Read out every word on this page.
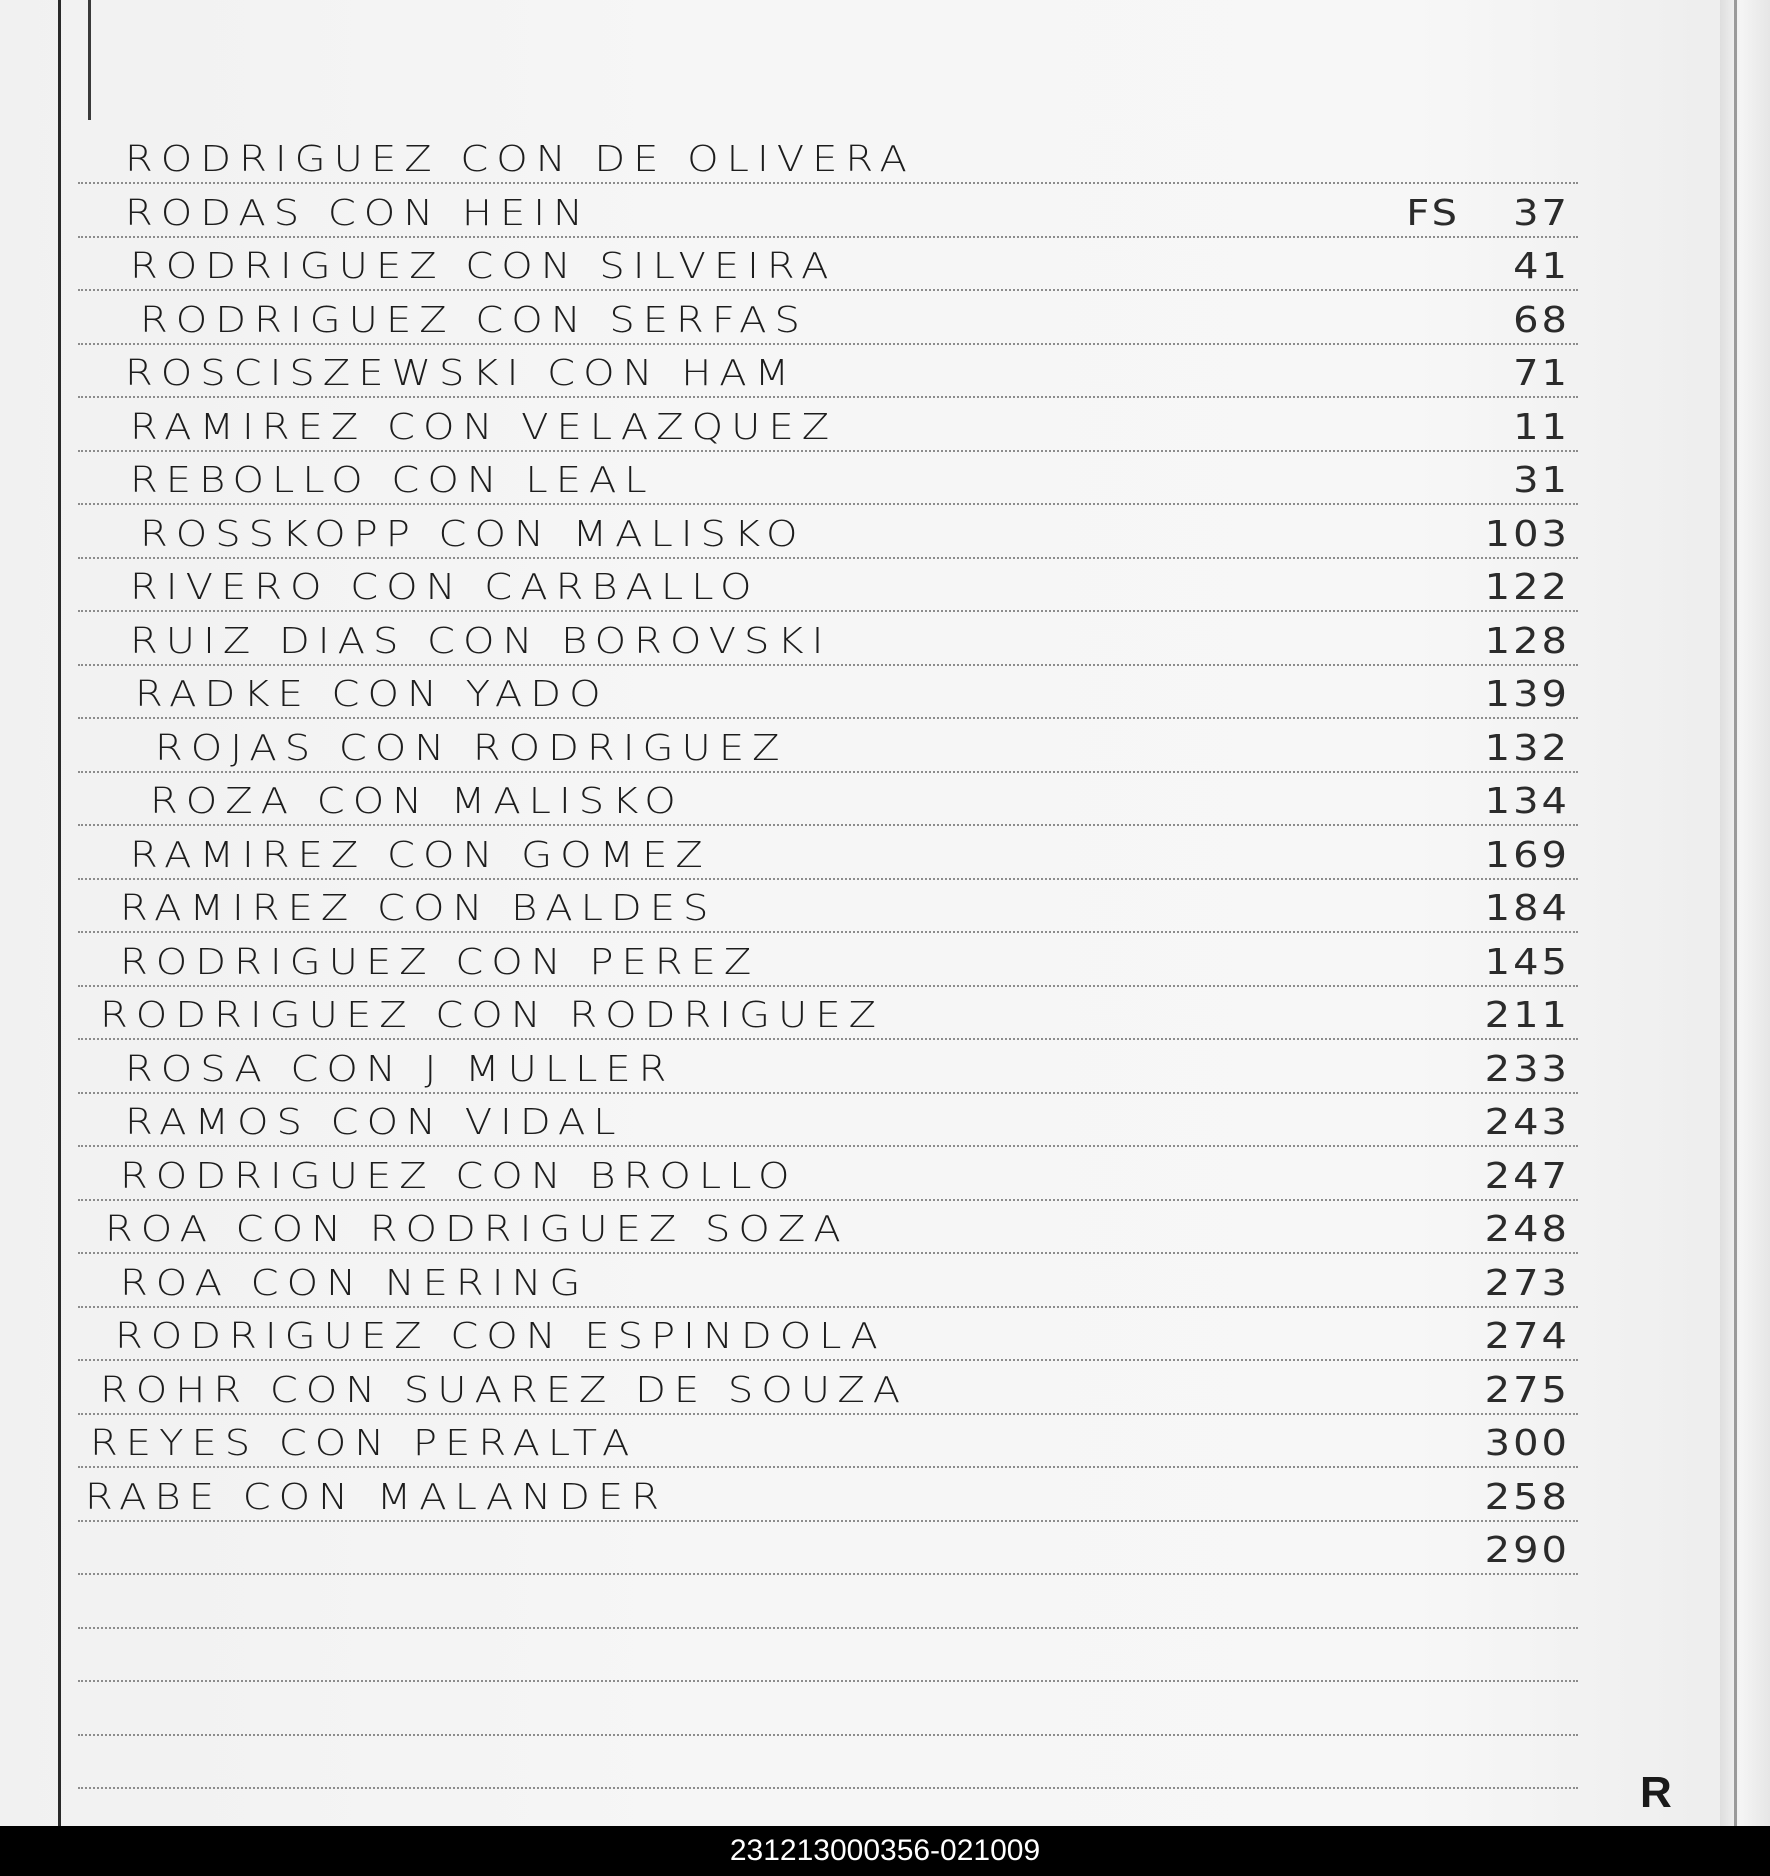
RODRIGUEZ CON DE OLIVERA
RODAS CON HEIN	FS 37
RODRIGUEZ CON SILVEIRA	41
RODRIGUEZ CON SERFAS	68
ROSCISZEWSKI CON HAM	71
RAMIREZ CON VELAZQUEZ	11
REBOLLO CON LEAL	31
ROSSKOPP CON MALISKO	103
RIVERO CON CARBALLO	122
RUIZ DIAS CON BOROVSKI	128
RADKE CON YADO	139
ROJAS CON RODRIGUEZ	132
ROZA CON MALISKO	134
RAMIREZ CON GOMEZ	169
RAMIREZ CON BALDES	184
RODRIGUEZ CON PEREZ	145
RODRIGUEZ CON RODRIGUEZ	211
ROSA CON J MULLER	233
RAMOS CON VIDAL	243
RODRIGUEZ CON BROLLO	247
ROA CON RODRIGUEZ SOZA	248
ROA CON NERING	273
RODRIGUEZ CON ESPINDOLA	274
ROHR CON SUAREZ DE SOUZA	275
REYES CON PERALTA	300
RABE CON MALANDER	258
290
R
231213000356-021009
